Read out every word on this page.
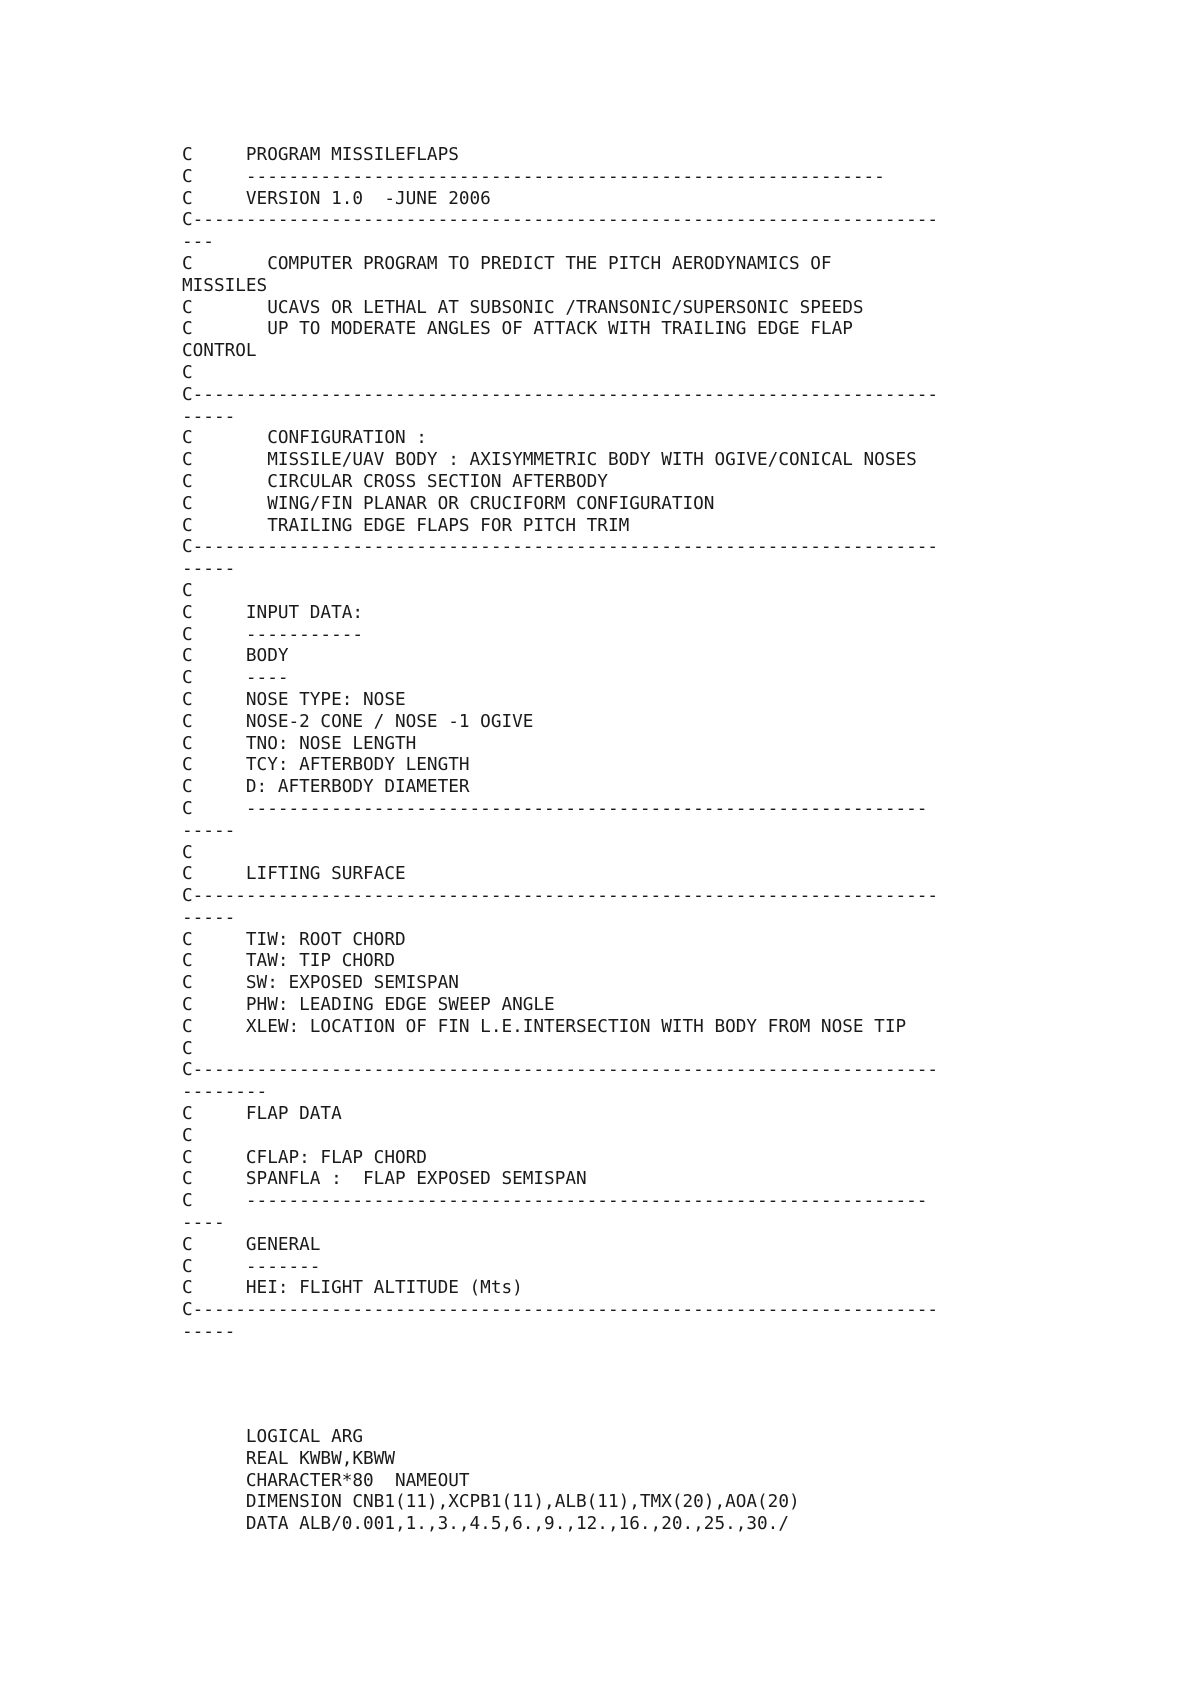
C     PROGRAM MISSILEFLAPS
C     ------------------------------------------------------------
C     VERSION 1.0  -JUNE 2006
C----------------------------------------------------------------------
---
C       COMPUTER PROGRAM TO PREDICT THE PITCH AERODYNAMICS OF
MISSILES
C       UCAVS OR LETHAL AT SUBSONIC /TRANSONIC/SUPERSONIC SPEEDS
C       UP TO MODERATE ANGLES OF ATTACK WITH TRAILING EDGE FLAP
CONTROL
C
C----------------------------------------------------------------------
-----
C       CONFIGURATION :
C       MISSILE/UAV BODY : AXISYMMETRIC BODY WITH OGIVE/CONICAL NOSES
C       CIRCULAR CROSS SECTION AFTERBODY
C       WING/FIN PLANAR OR CRUCIFORM CONFIGURATION
C       TRAILING EDGE FLAPS FOR PITCH TRIM
C----------------------------------------------------------------------
-----
C
C     INPUT DATA:
C     -----------
C     BODY
C     ----
C     NOSE TYPE: NOSE
C     NOSE-2 CONE / NOSE -1 OGIVE
C     TNO: NOSE LENGTH
C     TCY: AFTERBODY LENGTH
C     D: AFTERBODY DIAMETER
C     ----------------------------------------------------------------
-----
C
C     LIFTING SURFACE
C----------------------------------------------------------------------
-----
C     TIW: ROOT CHORD
C     TAW: TIP CHORD
C     SW: EXPOSED SEMISPAN
C     PHW: LEADING EDGE SWEEP ANGLE
C     XLEW: LOCATION OF FIN L.E.INTERSECTION WITH BODY FROM NOSE TIP
C
C----------------------------------------------------------------------
--------
C     FLAP DATA
C
C     CFLAP: FLAP CHORD
C     SPANFLA :  FLAP EXPOSED SEMISPAN
C     ----------------------------------------------------------------
----
C     GENERAL
C     -------
C     HEI: FLIGHT ALTITUDE (Mts)
C----------------------------------------------------------------------
-----
LOGICAL ARG
REAL KWBW,KBWW
CHARACTER*80  NAMEOUT
DIMENSION CNB1(11),XCPB1(11),ALB(11),TMX(20),AOA(20)
DATA ALB/0.001,1.,3.,4.5,6.,9.,12.,16.,20.,25.,30./
